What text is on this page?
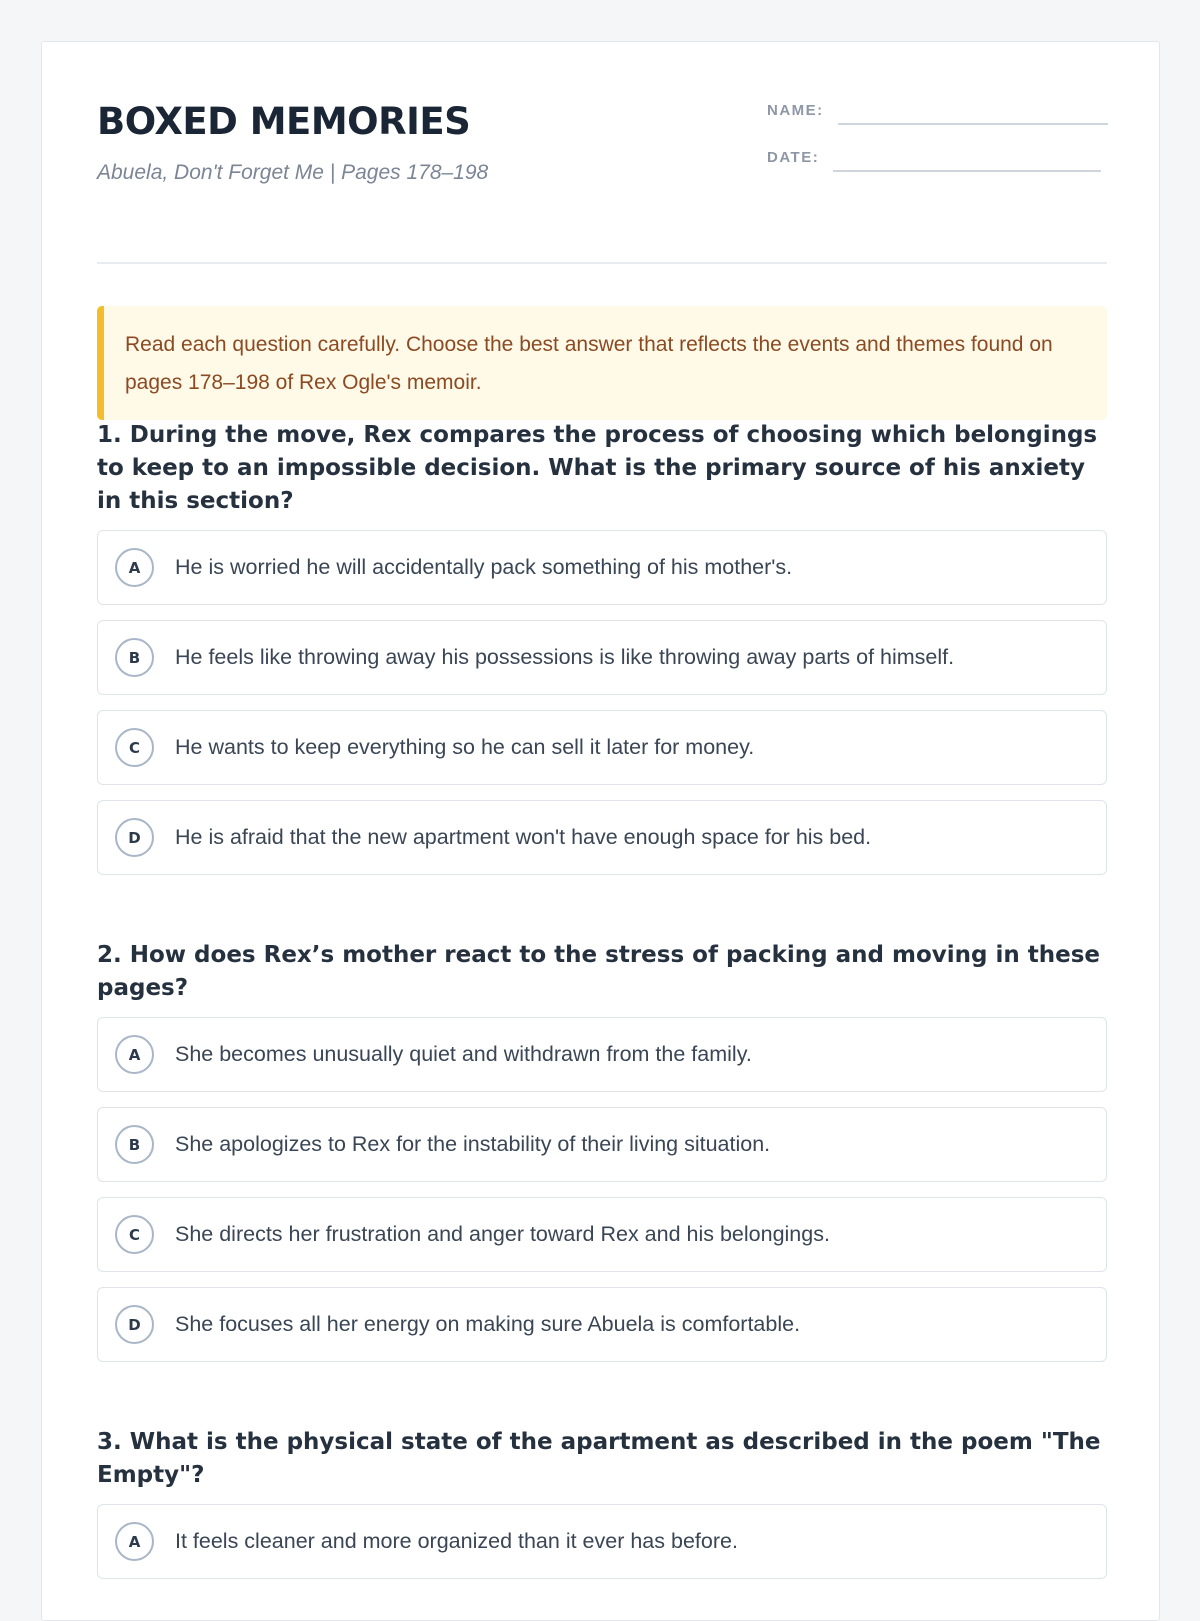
BOXED MEMORIES
Abuela, Don't Forget Me | Pages 178–198
NAME:
DATE:
Read each question carefully. Choose the best answer that reflects the events and themes found on pages 178–198 of Rex Ogle's memoir.
1. During the move, Rex compares the process of choosing which belongings to keep to an impossible decision. What is the primary source of his anxiety in this section?
A	He is worried he will accidentally pack something of his mother's.
B	He feels like throwing away his possessions is like throwing away parts of himself.
C	He wants to keep everything so he can sell it later for money.
D	He is afraid that the new apartment won't have enough space for his bed.
2. How does Rex’s mother react to the stress of packing and moving in these pages?
A	She becomes unusually quiet and withdrawn from the family.
B	She apologizes to Rex for the instability of their living situation.
C	She directs her frustration and anger toward Rex and his belongings.
D	She focuses all her energy on making sure Abuela is comfortable.
3. What is the physical state of the apartment as described in the poem "The Empty"?
A	It feels cleaner and more organized than it ever has before.
